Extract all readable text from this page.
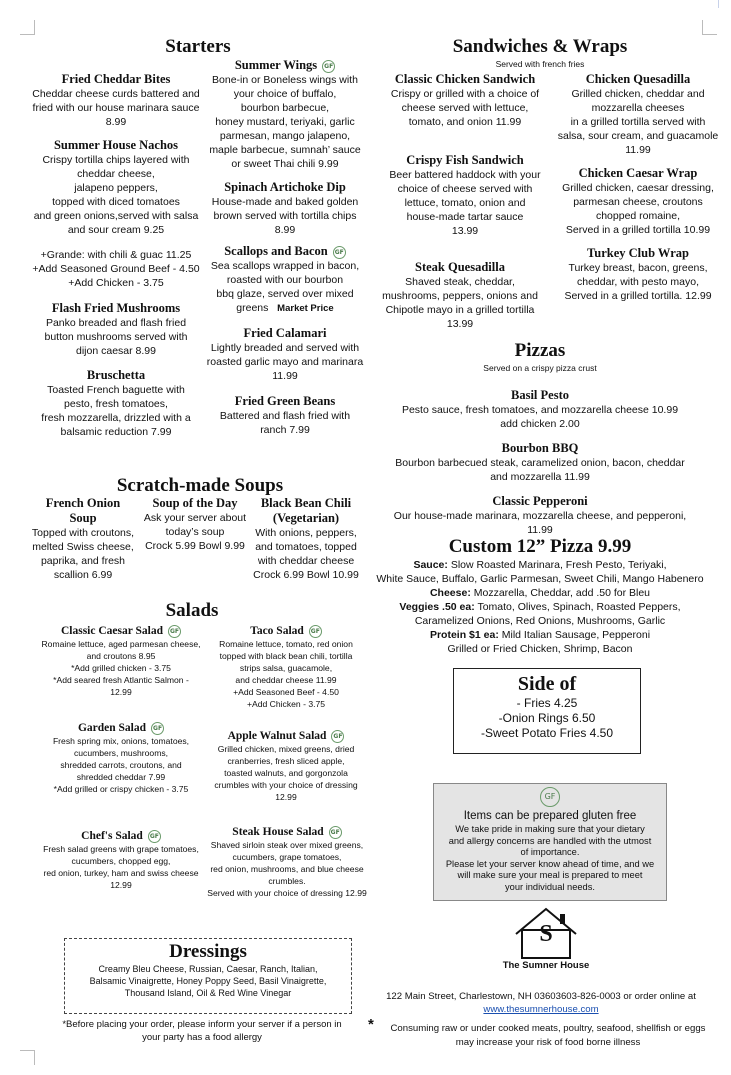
Starters
Fried Cheddar Bites
Cheddar cheese curds battered and
fried with our house marinara sauce
8.99
Summer House Nachos
Crispy tortilla chips layered with
cheddar cheese,
jalapeno peppers,
topped with diced tomatoes
and green onions,served with salsa
and sour cream 9.25
+Grande: with chili & guac 11.25
+Add Seasoned Ground Beef - 4.50
+Add Chicken - 3.75
Flash Fried Mushrooms
Panko breaded and flash fried
button mushrooms served with
dijon caesar 8.99
Bruschetta
Toasted French baguette with
pesto, fresh tomatoes,
fresh mozzarella, drizzled with a
balsamic reduction 7.99
Summer Wings GF
Bone-in or Boneless wings with
your choice of buffalo,
bourbon barbecue,
honey mustard, teriyaki, garlic
parmesan, mango jalapeno,
maple barbecue, sumnah’ sauce
or sweet Thai chili 9.99
Spinach Artichoke Dip
House-made and baked golden
brown served with tortilla chips
8.99
Scallops and Bacon GF
Sea scallops wrapped in bacon,
roasted with our bourbon
bbq glaze, served over mixed
greens Market Price
Fried Calamari
Lightly breaded and served with
roasted garlic mayo and marinara
11.99
Fried Green Beans
Battered and flash fried with
ranch 7.99
Scratch-made Soups
French Onion
Soup
Topped with croutons,
melted Swiss cheese,
paprika, and fresh
scallion 6.99
Soup of the Day
Ask your server about
today’s soup
Crock 5.99 Bowl 9.99
Black Bean Chili
(Vegetarian)
With onions, peppers,
and tomatoes, topped
with cheddar cheese
Crock 6.99 Bowl 10.99
Salads
Classic Caesar Salad GF
Romaine lettuce, aged parmesan cheese,
and croutons 8.95
*Add grilled chicken - 3.75
*Add seared fresh Atlantic Salmon -
12.99
Taco Salad GF
Romaine lettuce, tomato, red onion
topped with black bean chili, tortilla
strips salsa, guacamole,
and cheddar cheese 11.99
+Add Seasoned Beef - 4.50
+Add Chicken - 3.75
Garden Salad GF
Fresh spring mix, onions, tomatoes,
cucumbers, mushrooms,
shredded carrots, croutons, and
shredded cheddar 7.99
*Add grilled or crispy chicken - 3.75
Apple Walnut Salad GF
Grilled chicken, mixed greens, dried
cranberries, fresh sliced apple,
toasted walnuts, and gorgonzola
crumbles with your choice of dressing
12.99
Chef's Salad GF
Fresh salad greens with grape tomatoes,
cucumbers, chopped egg,
red onion, turkey, ham and swiss cheese
12.99
Steak House Salad GF
Shaved sirloin steak over mixed greens,
cucumbers, grape tomatoes,
red onion, mushrooms, and blue cheese
crumbles.
Served with your choice of dressing 12.99
Dressings
Creamy Bleu Cheese, Russian, Caesar, Ranch, Italian,
Balsamic Vinaigrette, Honey Poppy Seed, Basil Vinaigrette,
Thousand Island, Oil & Red Wine Vinegar
*Before placing your order, please inform your server if a person in
your party has a food allergy
Sandwiches & Wraps
Served with french fries
Classic Chicken Sandwich
Crispy or grilled with a choice of
cheese served with lettuce,
tomato, and onion 11.99
Crispy Fish Sandwich
Beer battered haddock with your
choice of cheese served with
lettuce, tomato, onion and
house-made tartar sauce
13.99
Steak Quesadilla
Shaved steak, cheddar,
mushrooms, peppers, onions and
Chipotle mayo in a grilled tortilla
13.99
Chicken Quesadilla
Grilled chicken, cheddar and
mozzarella cheeses
in a grilled tortilla served with
salsa, sour cream, and guacamole
11.99
Chicken Caesar Wrap
Grilled chicken, caesar dressing,
parmesan cheese, croutons
chopped romaine,
Served in a grilled tortilla 10.99
Turkey Club Wrap
Turkey breast, bacon, greens,
cheddar, with pesto mayo,
Served in a grilled tortilla. 12.99
Pizzas
Served on a crispy pizza crust
Basil Pesto
Pesto sauce, fresh tomatoes, and mozzarella cheese 10.99
add chicken 2.00
Bourbon BBQ
Bourbon barbecued steak, caramelized onion, bacon, cheddar
and mozzarella 11.99
Classic Pepperoni
Our house-made marinara, mozzarella cheese, and pepperoni, 11.99
Custom 12” Pizza 9.99
Sauce: Slow Roasted Marinara, Fresh Pesto, Teriyaki,
White Sauce, Buffalo, Garlic Parmesan, Sweet Chili, Mango Habenero
Cheese: Mozzarella, Cheddar, add .50 for Bleu
Veggies .50 ea: Tomato, Olives, Spinach, Roasted Peppers,
Caramelized Onions, Red Onions, Mushrooms, Garlic
Protein $1 ea: Mild Italian Sausage, Pepperoni
Grilled or Fried Chicken, Shrimp, Bacon
Side of
- Fries 4.25
-Onion Rings 6.50
-Sweet Potato Fries 4.50
GF
Items can be prepared gluten free
We take pride in making sure that your dietary
and allergy concerns are handled with the utmost
of importance.
Please let your server know ahead of time, and we
will make sure your meal is prepared to meet
your individual needs.
S
The Sumner House
122 Main Street, Charlestown, NH 03603603-826-0003 or order online at
www.thesumnerhouse.com
*	Consuming raw or under cooked meats, poultry, seafood, shellfish or eggs
may increase your risk of food borne illness
